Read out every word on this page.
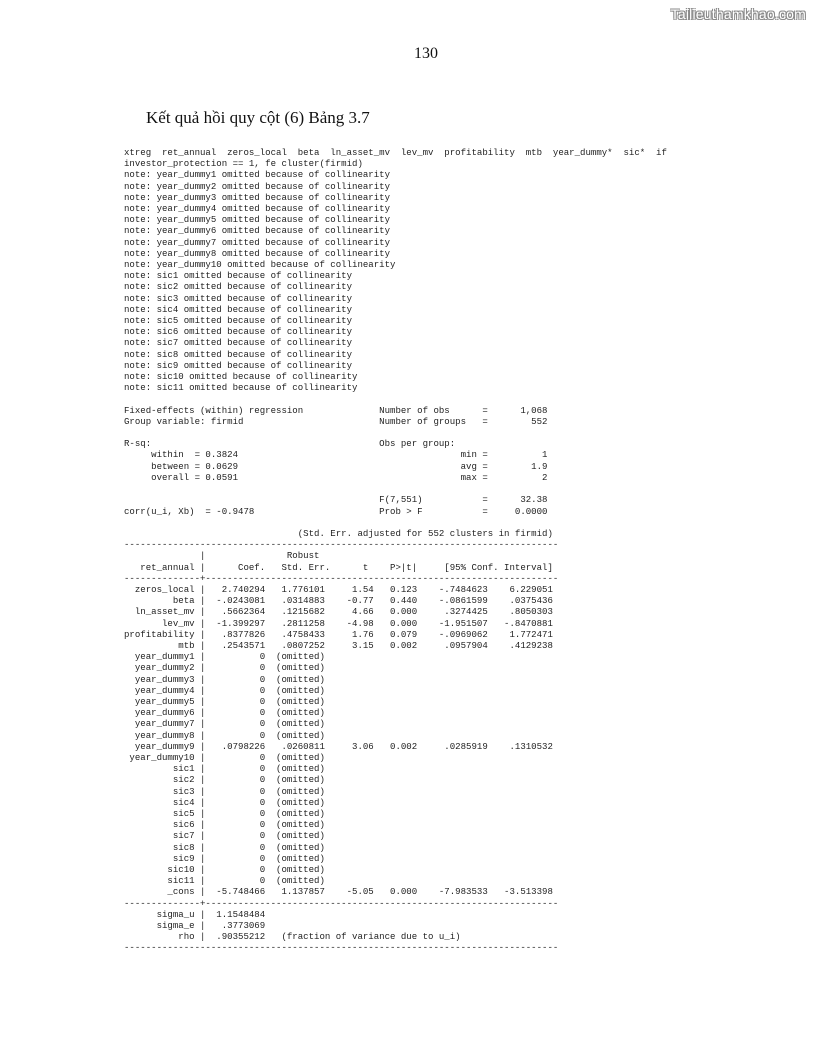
Tailieuthamkhao.com
130
Kết quả hồi quy cột (6) Bảng 3.7
xtreg  ret_annual  zeros_local  beta  ln_asset_mv  lev_mv  profitability  mtb  year_dummy*  sic*  if
investor_protection == 1, fe cluster(firmid)
note: year_dummy1 omitted because of collinearity
note: year_dummy2 omitted because of collinearity
note: year_dummy3 omitted because of collinearity
note: year_dummy4 omitted because of collinearity
note: year_dummy5 omitted because of collinearity
note: year_dummy6 omitted because of collinearity
note: year_dummy7 omitted because of collinearity
note: year_dummy8 omitted because of collinearity
note: year_dummy10 omitted because of collinearity
note: sic1 omitted because of collinearity
note: sic2 omitted because of collinearity
note: sic3 omitted because of collinearity
note: sic4 omitted because of collinearity
note: sic5 omitted because of collinearity
note: sic6 omitted because of collinearity
note: sic7 omitted because of collinearity
note: sic8 omitted because of collinearity
note: sic9 omitted because of collinearity
note: sic10 omitted because of collinearity
note: sic11 omitted because of collinearity

Fixed-effects (within) regression              Number of obs      =      1,068
Group variable: firmid                         Number of groups   =        552

R-sq:                                          Obs per group:
within  = 0.3824                                         min =          1
between = 0.0629                                         avg =        1.9
overall = 0.0591                                         max =          2

F(7,551)           =      32.38
corr(u_i, Xb)  = -0.9478                       Prob > F           =     0.0000

(Std. Err. adjusted for 552 clusters in firmid)
--------------------------------------------------------------------------------
|               Robust
ret_annual |      Coef.   Std. Err.      t    P>|t|     [95% Conf. Interval]
--------------+-----------------------------------------------------------------
zeros_local |   2.740294   1.776101     1.54   0.123    -.7484623    6.229051
beta |  -.0243081   .0314883    -0.77   0.440    -.0861599    .0375436
ln_asset_mv |   .5662364   .1215682     4.66   0.000     .3274425    .8050303
lev_mv |  -1.399297   .2811258    -4.98   0.000    -1.951507   -.8470881
profitability |   .8377826   .4758433     1.76   0.079    -.0969062    1.772471
mtb |   .2543571   .0807252     3.15   0.002     .0957904    .4129238
year_dummy1 |          0  (omitted)
year_dummy2 |          0  (omitted)
year_dummy3 |          0  (omitted)
year_dummy4 |          0  (omitted)
year_dummy5 |          0  (omitted)
year_dummy6 |          0  (omitted)
year_dummy7 |          0  (omitted)
year_dummy8 |          0  (omitted)
year_dummy9 |   .0798226   .0260811     3.06   0.002     .0285919    .1310532
year_dummy10 |          0  (omitted)
sic1 |          0  (omitted)
sic2 |          0  (omitted)
sic3 |          0  (omitted)
sic4 |          0  (omitted)
sic5 |          0  (omitted)
sic6 |          0  (omitted)
sic7 |          0  (omitted)
sic8 |          0  (omitted)
sic9 |          0  (omitted)
sic10 |          0  (omitted)
sic11 |          0  (omitted)
_cons |  -5.748466   1.137857    -5.05   0.000    -7.983533   -3.513398
--------------+-----------------------------------------------------------------
sigma_u |  1.1548484
sigma_e |   .3773069
rho |  .90355212   (fraction of variance due to u_i)
--------------------------------------------------------------------------------
